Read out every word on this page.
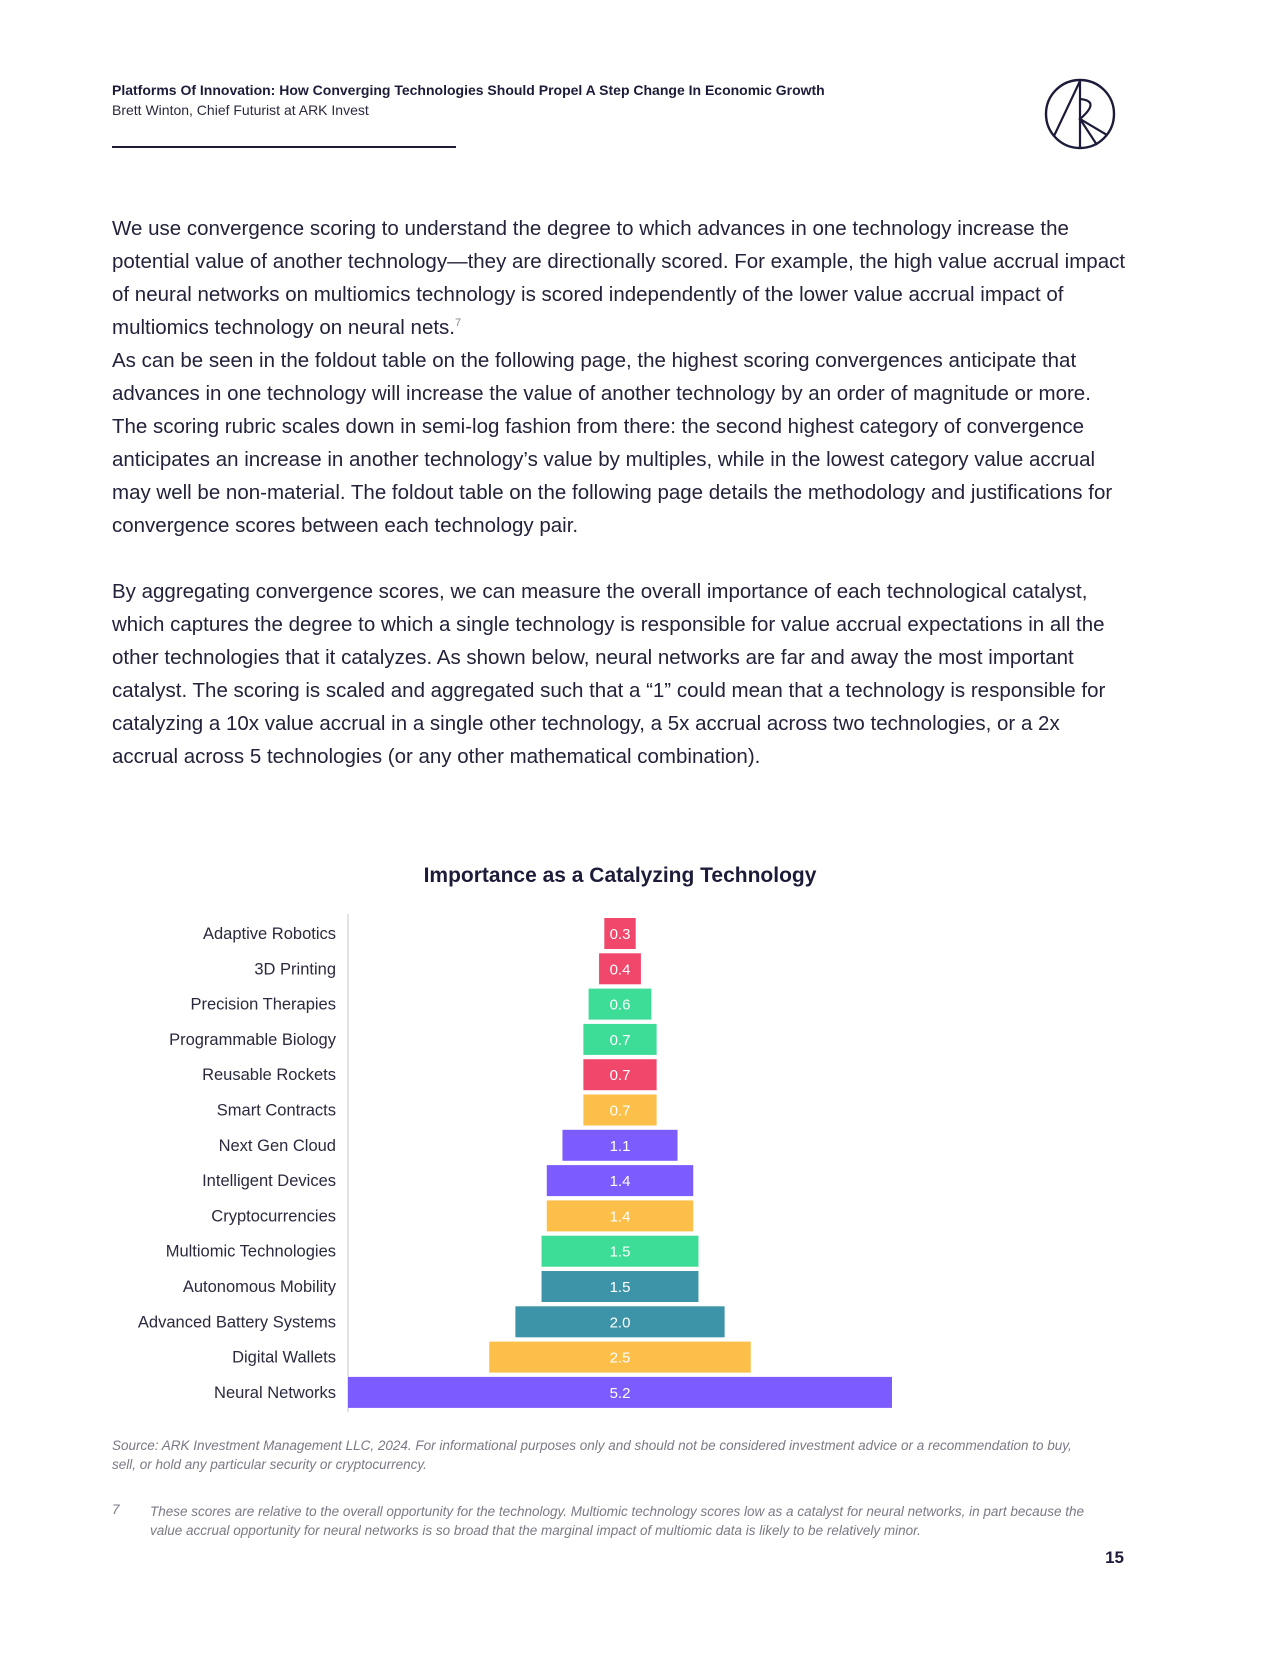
Platforms Of Innovation: How Converging Technologies Should Propel A Step Change In Economic Growth
Brett Winton, Chief Futurist at ARK Invest

We use convergence scoring to understand the degree to which advances in one technology increase the potential value of another technology—they are directionally scored. For example, the high value accrual impact of neural networks on multiomics technology is scored independently of the lower value accrual impact of multiomics technology on neural nets.$^7$
As can be seen in the foldout table on the following page, the highest scoring convergences anticipate that advances in one technology will increase the value of another technology by an order of magnitude or more. The scoring rubric scales down in semi-log fashion from there: the second highest category of convergence anticipates an increase in another technology’s value by multiples, while in the lowest category value accrual may well be non-material. The foldout table on the following page details the methodology and justifications for convergence scores between each technology pair.

By aggregating convergence scores, we can measure the overall importance of each technological catalyst, which captures the degree to which a single technology is responsible for value accrual expectations in all the other technologies that it catalyzes. As shown below, neural networks are far and away the most important catalyst. The scoring is scaled and aggregated such that a “1” could mean that a technology is responsible for catalyzing a 10x value accrual in a single other technology, a 5x accrual across two technologies, or a 2x accrual across 5 technologies (or any other mathematical combination).

Importance as a Catalyzing Technology
Adaptive Robotics
3D Printing
Precision Therapies
Programmable Biology
Reusable Rockets
Smart Contracts
Next Gen Cloud
Intelligent Devices
Cryptocurrencies
Multiomic Technologies
Autonomous Mobility
Advanced Battery Systems
Digital Wallets
Neural Networks
0.3
0.4
0.6
0.7
0.7
0.7
1.1
1.4
1.4
1.5
1.5
2.0
2.5
5.2
Source: ARK Investment Management LLC, 2024. For informational purposes only and should not be considered investment advice or a recommendation to buy, sell, or hold any particular security or cryptocurrency.
7 These scores are relative to the overall opportunity for the technology. Multiomic technology scores low as a catalyst for neural networks, in part because the value accrual opportunity for neural networks is so broad that the marginal impact of multiomic data is likely to be relatively minor.
15
